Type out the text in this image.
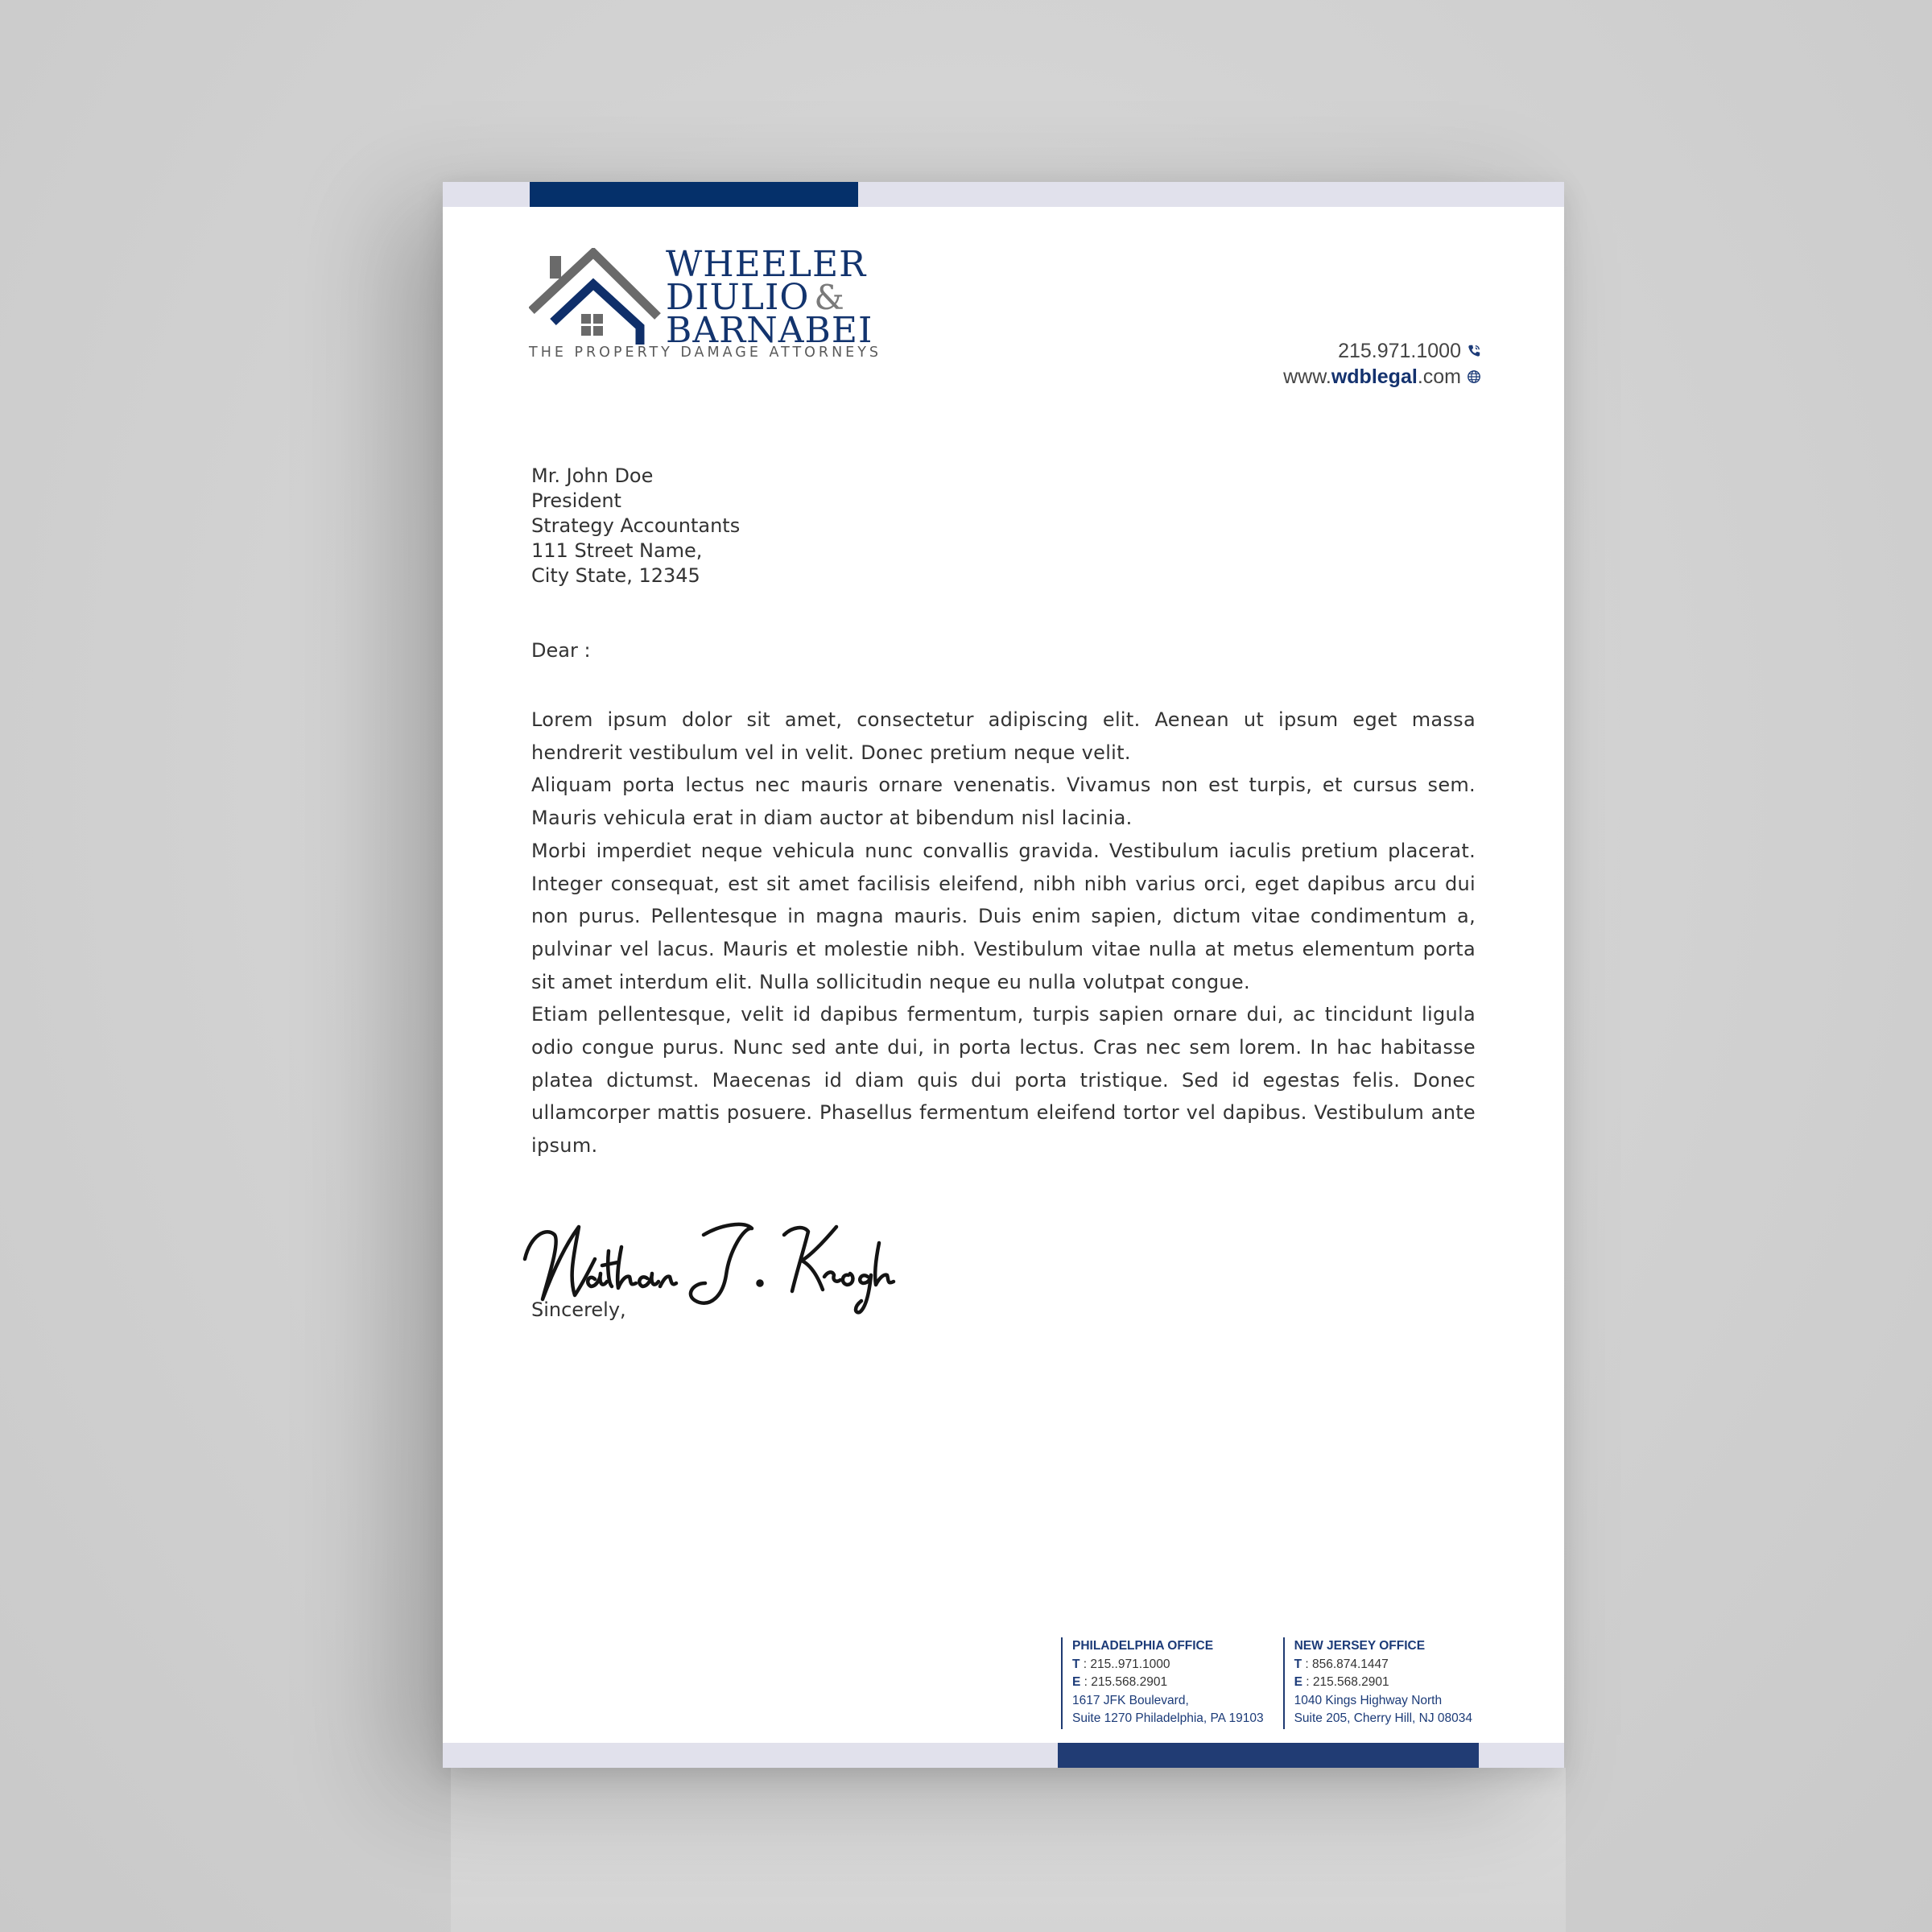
WHEELER
DIULIO &
BARNABEI
THE PROPERTY DAMAGE ATTORNEYS	215.971.1000
www.wdblegal.com
Mr. John Doe
President
Strategy Accountants
111 Street Name,
City State, 12345
Dear :

Lorem ipsum dolor sit amet, consectetur adipiscing elit. Aenean ut ipsum eget massa hendrerit vestibulum vel in velit. Donec pretium neque velit.

Aliquam porta lectus nec mauris ornare venenatis. Vivamus non est turpis, et cursus sem. Mauris vehicula erat in diam auctor at bibendum nisl lacinia.

Morbi imperdiet neque vehicula nunc convallis gravida. Vestibulum iaculis pretium placerat. Integer consequat, est sit amet facilisis eleifend, nibh nibh varius orci, eget dapibus arcu dui non purus. Pellentesque in magna mauris. Duis enim sapien, dictum vitae condimentum a, pulvinar vel lacus. Mauris et molestie nibh. Vestibulum vitae nulla at metus elementum porta sit amet interdum elit. Nulla sollicitudin neque eu nulla volutpat congue.

Etiam pellentesque, velit id dapibus fermentum, turpis sapien ornare dui, ac tincidunt ligula odio congue purus. Nunc sed ante dui, in porta lectus. Cras nec sem lorem. In hac habitasse platea dictumst. Maecenas id diam quis dui porta tristique. Sed id egestas felis. Donec ullamcorper mattis posuere. Phasellus fermentum eleifend tortor vel dapibus. Vestibulum ante ipsum.

Sincerely,
PHILADELPHIA OFFICE
T : 215..971.1000
E : 215.568.2901
1617 JFK Boulevard,
Suite 1270 Philadelphia, PA 19103
NEW JERSEY OFFICE
T : 856.874.1447
E : 215.568.2901
1040 Kings Highway North
Suite 205, Cherry Hill, NJ 08034
